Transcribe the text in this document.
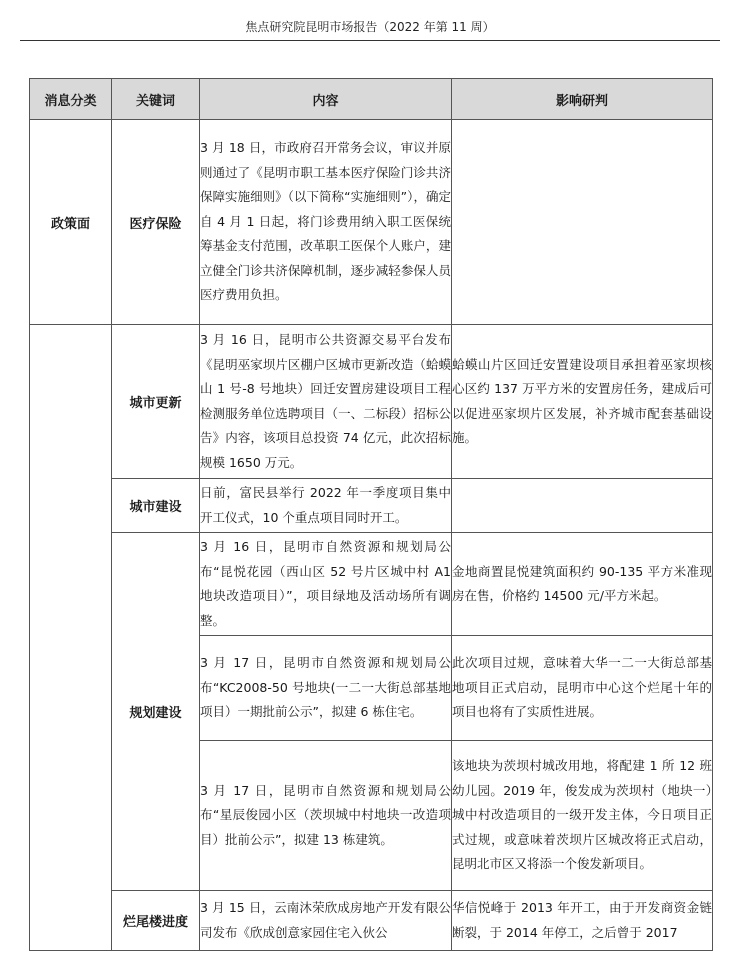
焦点研究院昆明市场报告（2022 年第 11 周）
消息分类	关键词	内容	影响研判
政策面	医疗保险	3 月 18 日，市政府召开常务会议，审议并原则通过了《昆明市职工基本医疗保险门诊共济保障实施细则》（以下简称“实施细则”），确定自 4 月 1 日起，将门诊费用纳入职工医保统筹基金支付范围，改革职工医保个人账户，建立健全门诊共济保障机制，逐步减轻参保人员医疗费用负担。	
	城市更新	3 月 16 日，昆明市公共资源交易平台发布《昆明巫家坝片区棚户区城市更新改造（蛤蟆山 1 号-8 号地块）回迁安置房建设项目工程检测服务单位选聘项目（一、二标段）招标公告》内容，该项目总投资 74 亿元，此次招标规模 1650 万元。	蛤蟆山片区回迁安置建设项目承担着巫家坝核心区约 137 万平方米的安置房任务，建成后可以促进巫家坝片区发展，补齐城市配套基础设施。
	城市建设	日前，富民县举行 2022 年一季度项目集中开工仪式，10 个重点项目同时开工。	
	规划建设	3 月 16 日，昆明市自然资源和规划局公布“昆悦花园（西山区 52 号片区城中村 A1 地块改造项目）”，项目绿地及活动场所有调整。	金地商置昆悦建筑面积约 90-135 平方米准现房在售，价格约 14500 元/平方米起。
		3 月 17 日，昆明市自然资源和规划局公布“KC2008-50 号地块(一二一大街总部基地项目）一期批前公示”，拟建 6 栋住宅。	此次项目过规，意味着大华一二一大街总部基地项目正式启动，昆明市中心这个烂尾十年的项目也将有了实质性进展。
		3 月 17 日，昆明市自然资源和规划局公布“星辰俊园小区（茨坝城中村地块一改造项目）批前公示”，拟建 13 栋建筑。	该地块为茨坝村城改用地，将配建 1 所 12 班幼儿园。2019 年，俊发成为茨坝村（地块一）城中村改造项目的一级开发主体，今日项目正式过规，或意味着茨坝片区城改将正式启动，昆明北市区又将添一个俊发新项目。
	烂尾楼进度	3 月 15 日，云南沐荣欣成房地产开发有限公司发布《欣成创意家园住宅入伙公	华信悦峰于 2013 年开工，由于开发商资金链断裂，于 2014 年停工，之后曾于 2017
